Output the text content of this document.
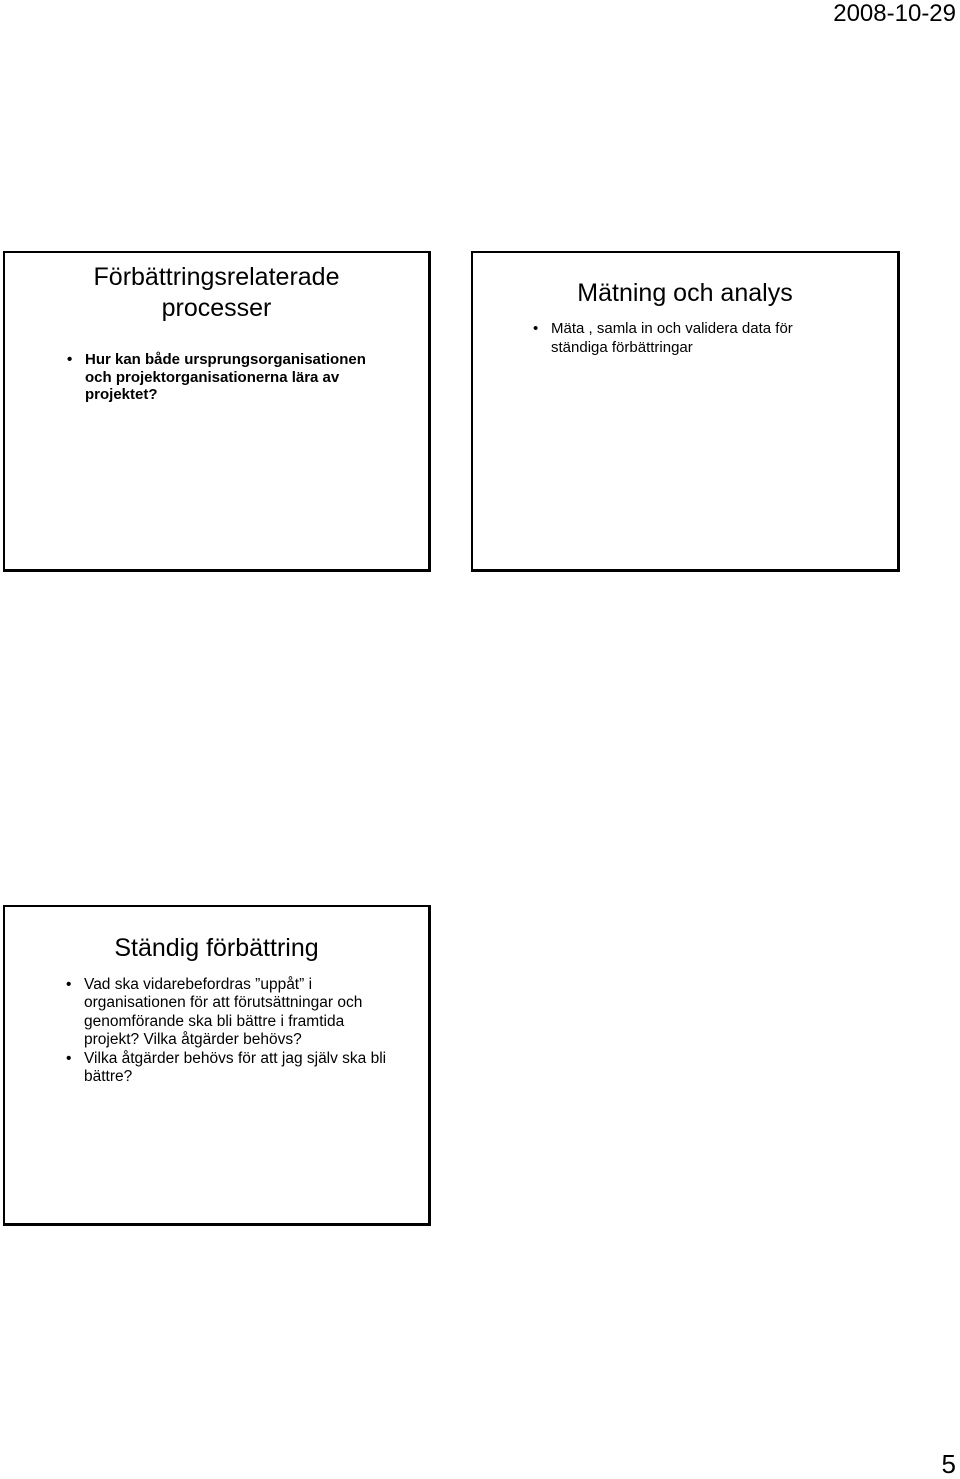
2008-10-29
Förbättringsrelaterade processer
• Hur kan både ursprungsorganisationen och projektorganisationerna lära av projektet?
Mätning och analys
• Mäta , samla in och validera data för ständiga förbättringar
Ständig förbättring
• Vad ska vidarebefordras ”uppåt” i organisationen för att förutsättningar och genomförande ska bli bättre i framtida projekt? Vilka åtgärder behövs?
• Vilka åtgärder behövs för att jag själv ska bli bättre?
5
